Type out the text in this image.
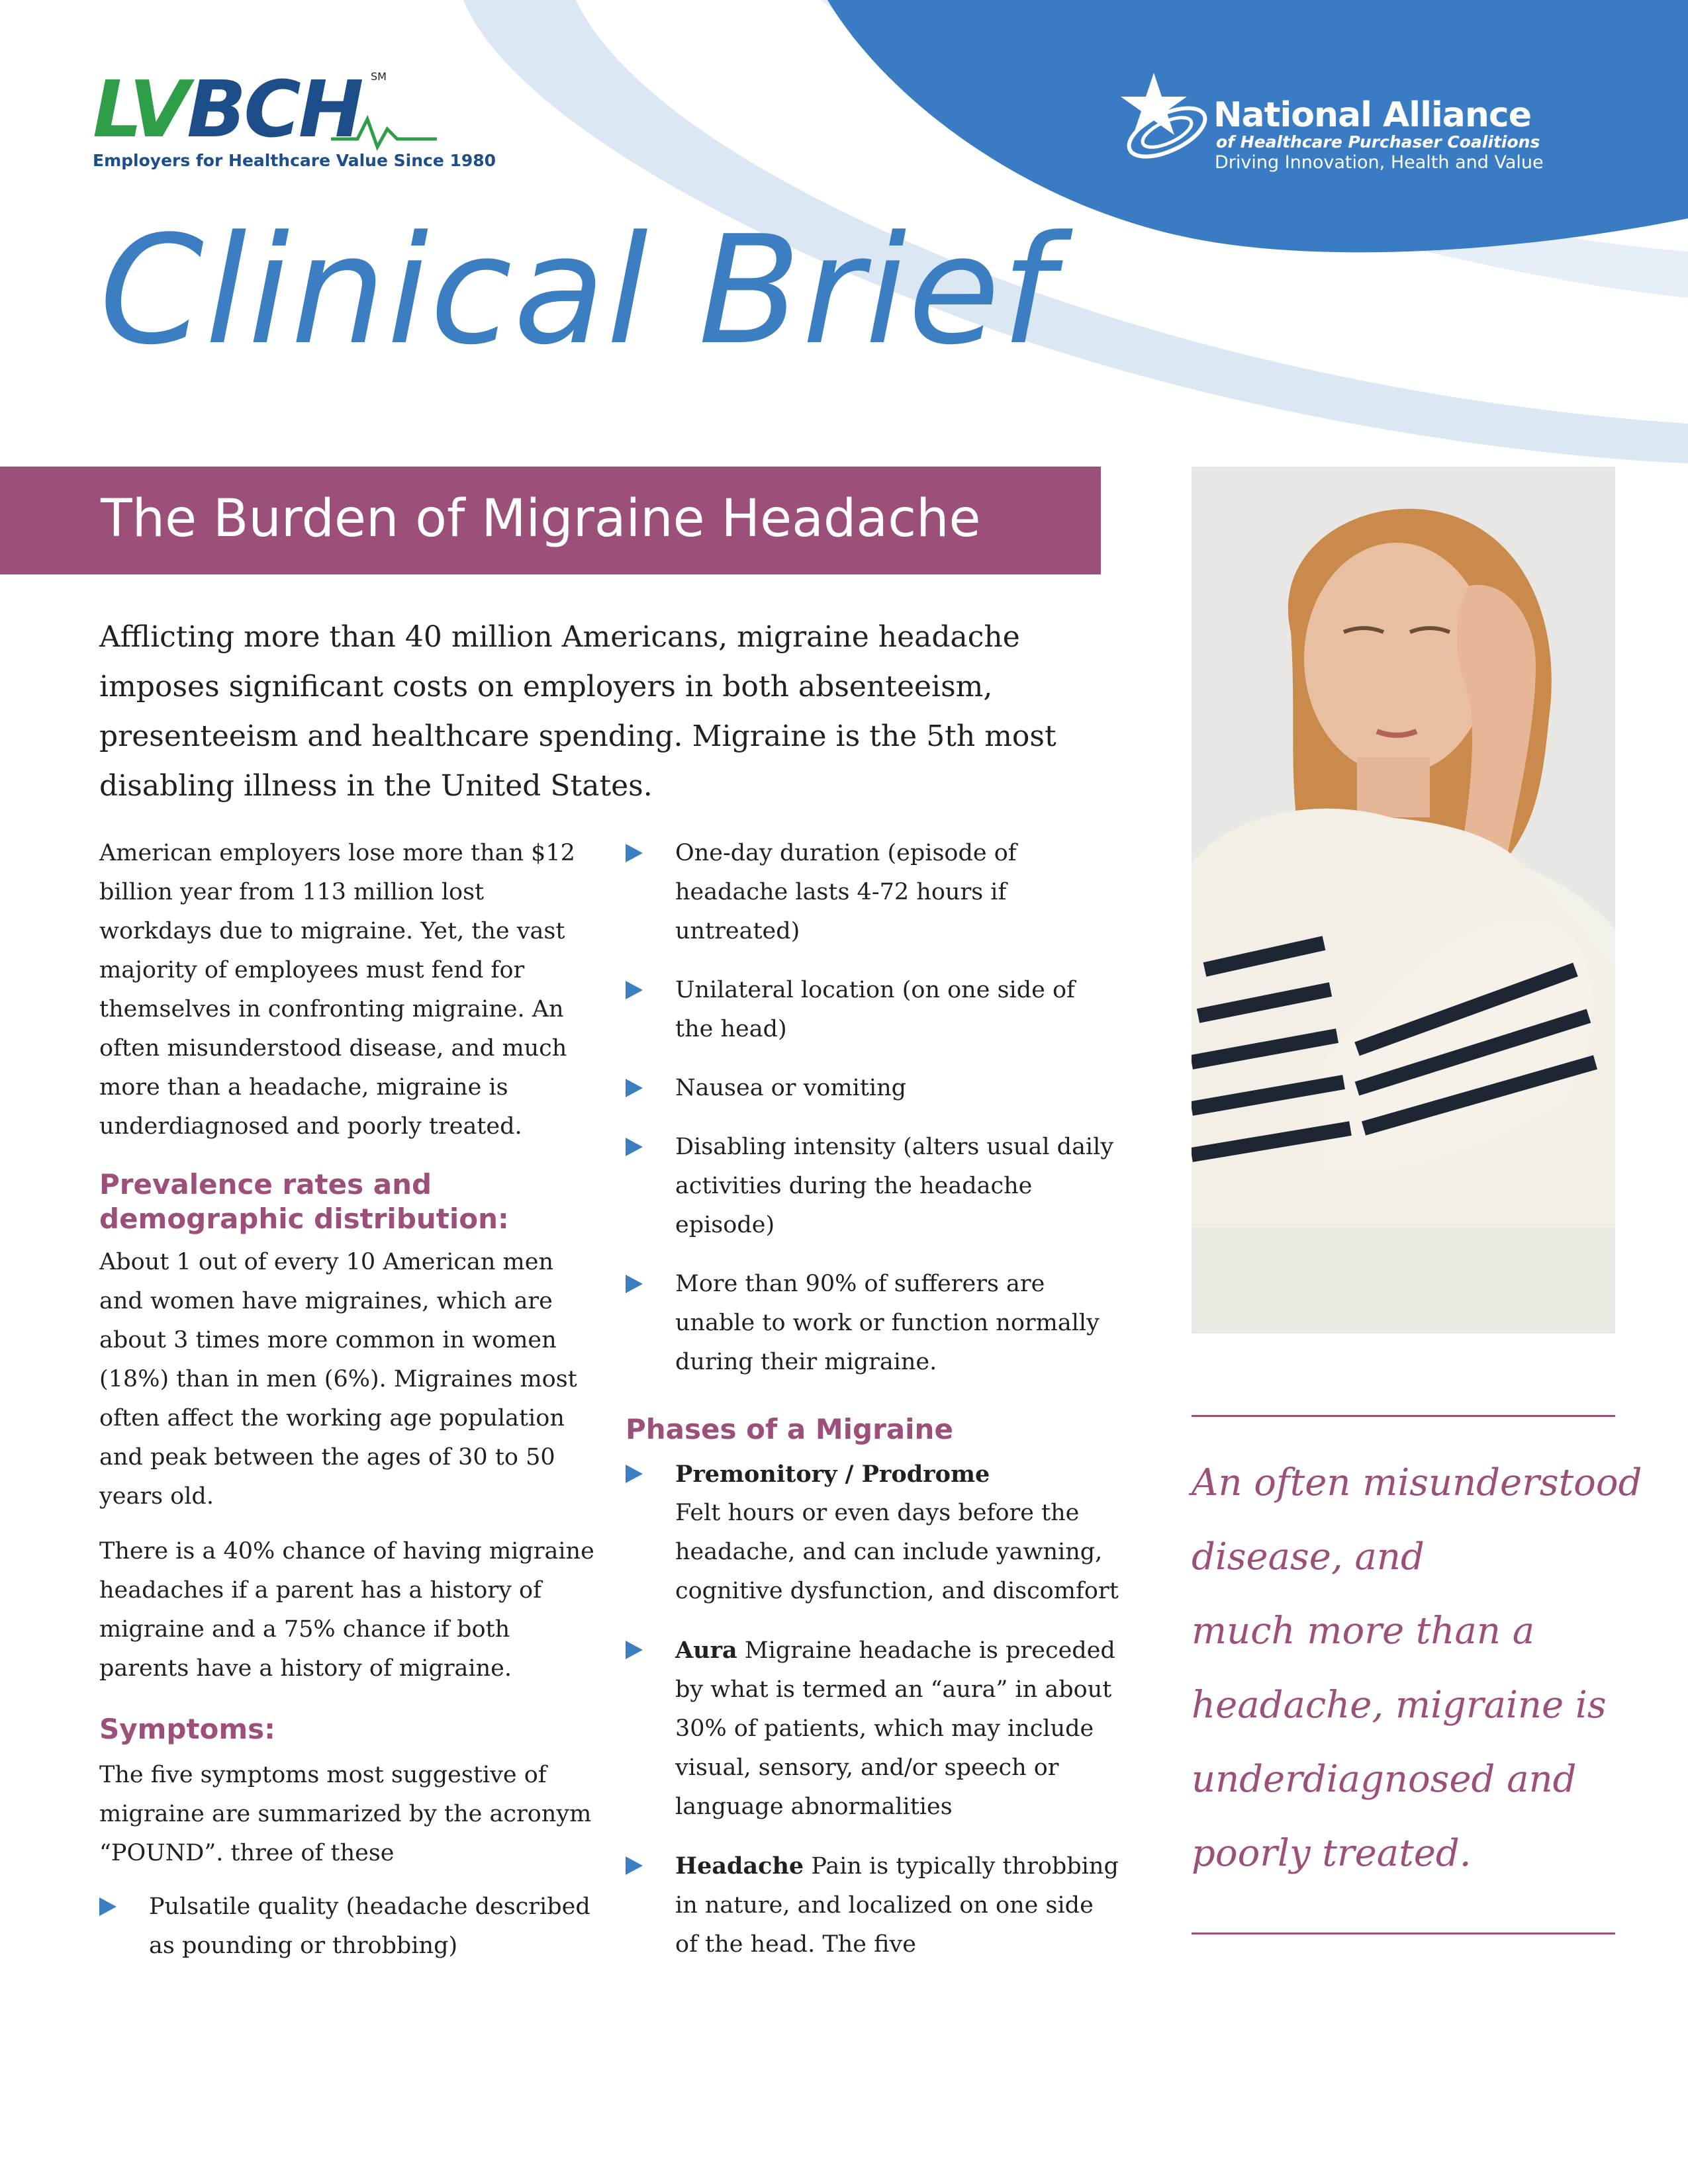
LVBCH SM
Employers for Healthcare Value Since 1980
National Alliance
of Healthcare Purchaser Coalitions
Driving Innovation, Health and Value
Clinical Brief
The Burden of Migraine Headache
Afflicting more than 40 million Americans, migraine headache imposes significant costs on employers in both absenteeism, presenteeism and healthcare spending. Migraine is the 5th most disabling illness in the United States.

American employers lose more than $12 billion year from 113 million lost workdays due to migraine. Yet, the vast majority of employees must fend for themselves in confronting migraine. An often misunderstood disease, and much more than a headache, migraine is underdiagnosed and poorly treated.

Prevalence rates and demographic distribution:

About 1 out of every 10 American men and women have migraines, which are about 3 times more common in women (18%) than in men (6%). Migraines most often affect the working age population and peak between the ages of 30 to 50 years old.

There is a 40% chance of having migraine headaches if a parent has a history of migraine and a 75% chance if both parents have a history of migraine.

Symptoms:

The five symptoms most suggestive of migraine are summarized by the acronym “POUND”. three of these

Pulsatile quality (headache described as pounding or throbbing)
One-day duration (episode of headache lasts 4-72 hours if untreated)
Unilateral location (on one side of the head)
Nausea or vomiting
Disabling intensity (alters usual daily activities during the headache episode)
More than 90% of sufferers are unable to work or function normally during their migraine.
Phases of a Migraine
Premonitory / Prodrome
Felt hours or even days before the headache, and can include yawning, cognitive dysfunction, and discomfort
Aura Migraine headache is preceded by what is termed an “aura” in about 30% of patients, which may include visual, sensory, and/or speech or language abnormalities
Headache Pain is typically throbbing in nature, and localized on one side of the head. The five
An often misunderstood
disease, and
much more than a
headache, migraine is
underdiagnosed and
poorly treated.
